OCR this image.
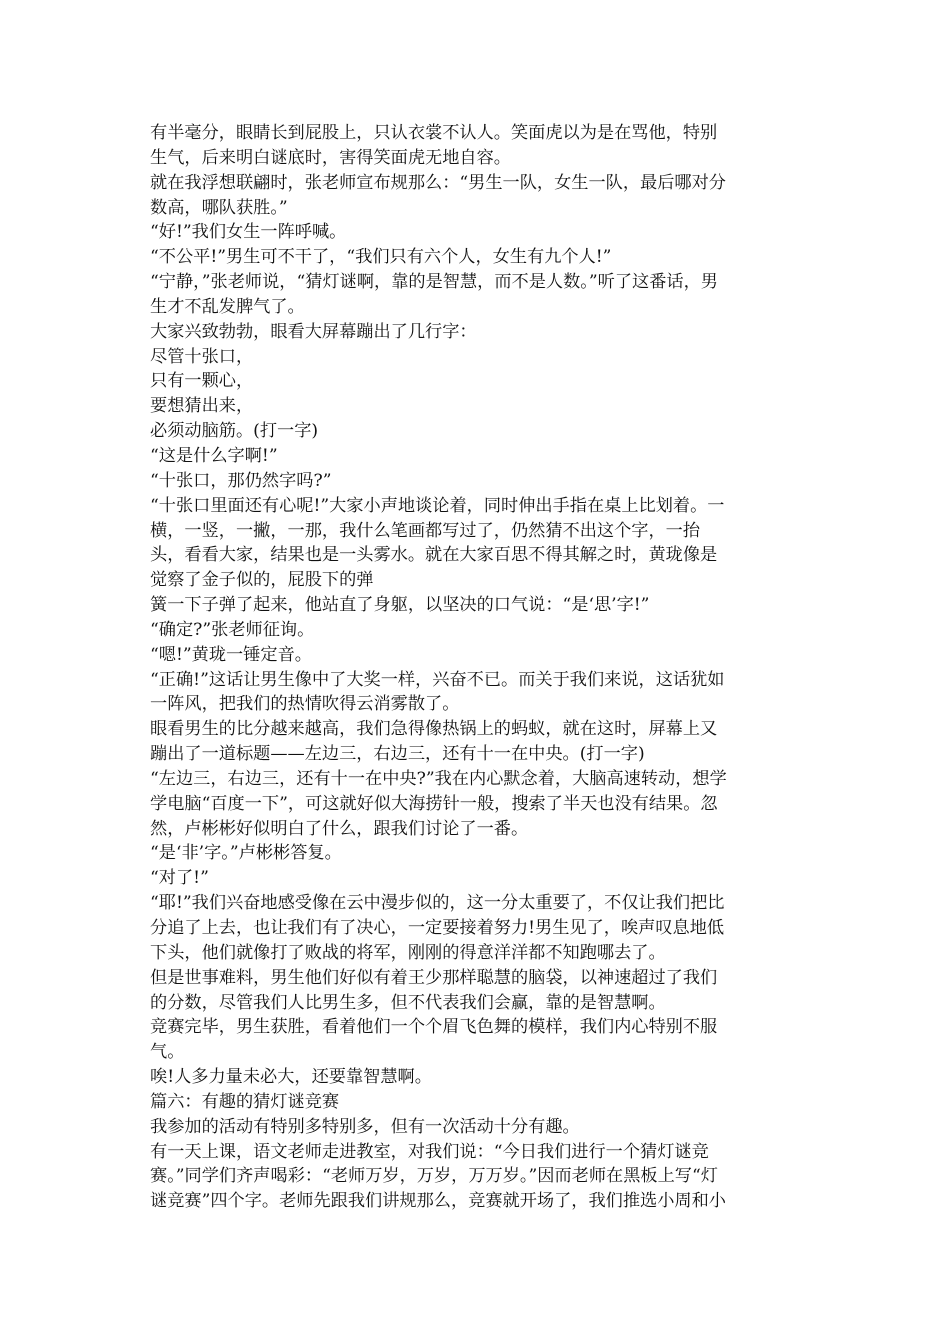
有半毫分，眼睛长到屁股上，只认衣裳不认人。笑面虎以为是在骂他，特别
生气，后来明白谜底时，害得笑面虎无地自容。
就在我浮想联翩时，张老师宣布规那么：“男生一队，女生一队，最后哪对分
数高，哪队获胜。”
“好!”我们女生一阵呼喊。
“不公平!”男生可不干了，“我们只有六个人，女生有九个人!”
“宁静，”张老师说，“猜灯谜啊，靠的是智慧，而不是人数。”听了这番话，男
生才不乱发脾气了。
大家兴致勃勃，眼看大屏幕蹦出了几行字：
尽管十张口，
只有一颗心，
要想猜出来，
必须动脑筋。(打一字)
“这是什么字啊!”
“十张口，那仍然字吗?”
“十张口里面还有心呢!”大家小声地谈论着，同时伸出手指在桌上比划着。一
横，一竖，一撇，一那，我什么笔画都写过了，仍然猜不出这个字，一抬
头，看看大家，结果也是一头雾水。就在大家百思不得其解之时，黄珑像是
觉察了金子似的，屁股下的弹
簧一下子弹了起来，他站直了身躯，以坚决的口气说：“是‘思’字!”
“确定?”张老师征询。
“嗯!”黄珑一锤定音。
“正确!”这话让男生像中了大奖一样，兴奋不已。而关于我们来说，这话犹如
一阵风，把我们的热情吹得云消雾散了。
眼看男生的比分越来越高，我们急得像热锅上的蚂蚁，就在这时，屏幕上又
蹦出了一道标题——左边三，右边三，还有十一在中央。(打一字)
“左边三，右边三，还有十一在中央?”我在内心默念着，大脑高速转动，想学
学电脑“百度一下”，可这就好似大海捞针一般，搜索了半天也没有结果。忽
然，卢彬彬好似明白了什么，跟我们讨论了一番。
“是‘非’字。”卢彬彬答复。
“对了!”
“耶!”我们兴奋地感受像在云中漫步似的，这一分太重要了，不仅让我们把比
分追了上去，也让我们有了决心，一定要接着努力!男生见了，唉声叹息地低
下头，他们就像打了败战的将军，刚刚的得意洋洋都不知跑哪去了。
但是世事难料，男生他们好似有着王少那样聪慧的脑袋，以神速超过了我们
的分数，尽管我们人比男生多，但不代表我们会赢，靠的是智慧啊。
竞赛完毕，男生获胜，看着他们一个个眉飞色舞的模样，我们内心特别不服
气。
唉!人多力量未必大，还要靠智慧啊。
篇六：有趣的猜灯谜竞赛
我参加的活动有特别多特别多，但有一次活动十分有趣。
有一天上课，语文老师走进教室，对我们说：“今日我们进行一个猜灯谜竞
赛。”同学们齐声喝彩：“老师万岁，万岁，万万岁。”因而老师在黑板上写“灯
谜竞赛”四个字。老师先跟我们讲规那么，竞赛就开场了，我们推选小周和小
